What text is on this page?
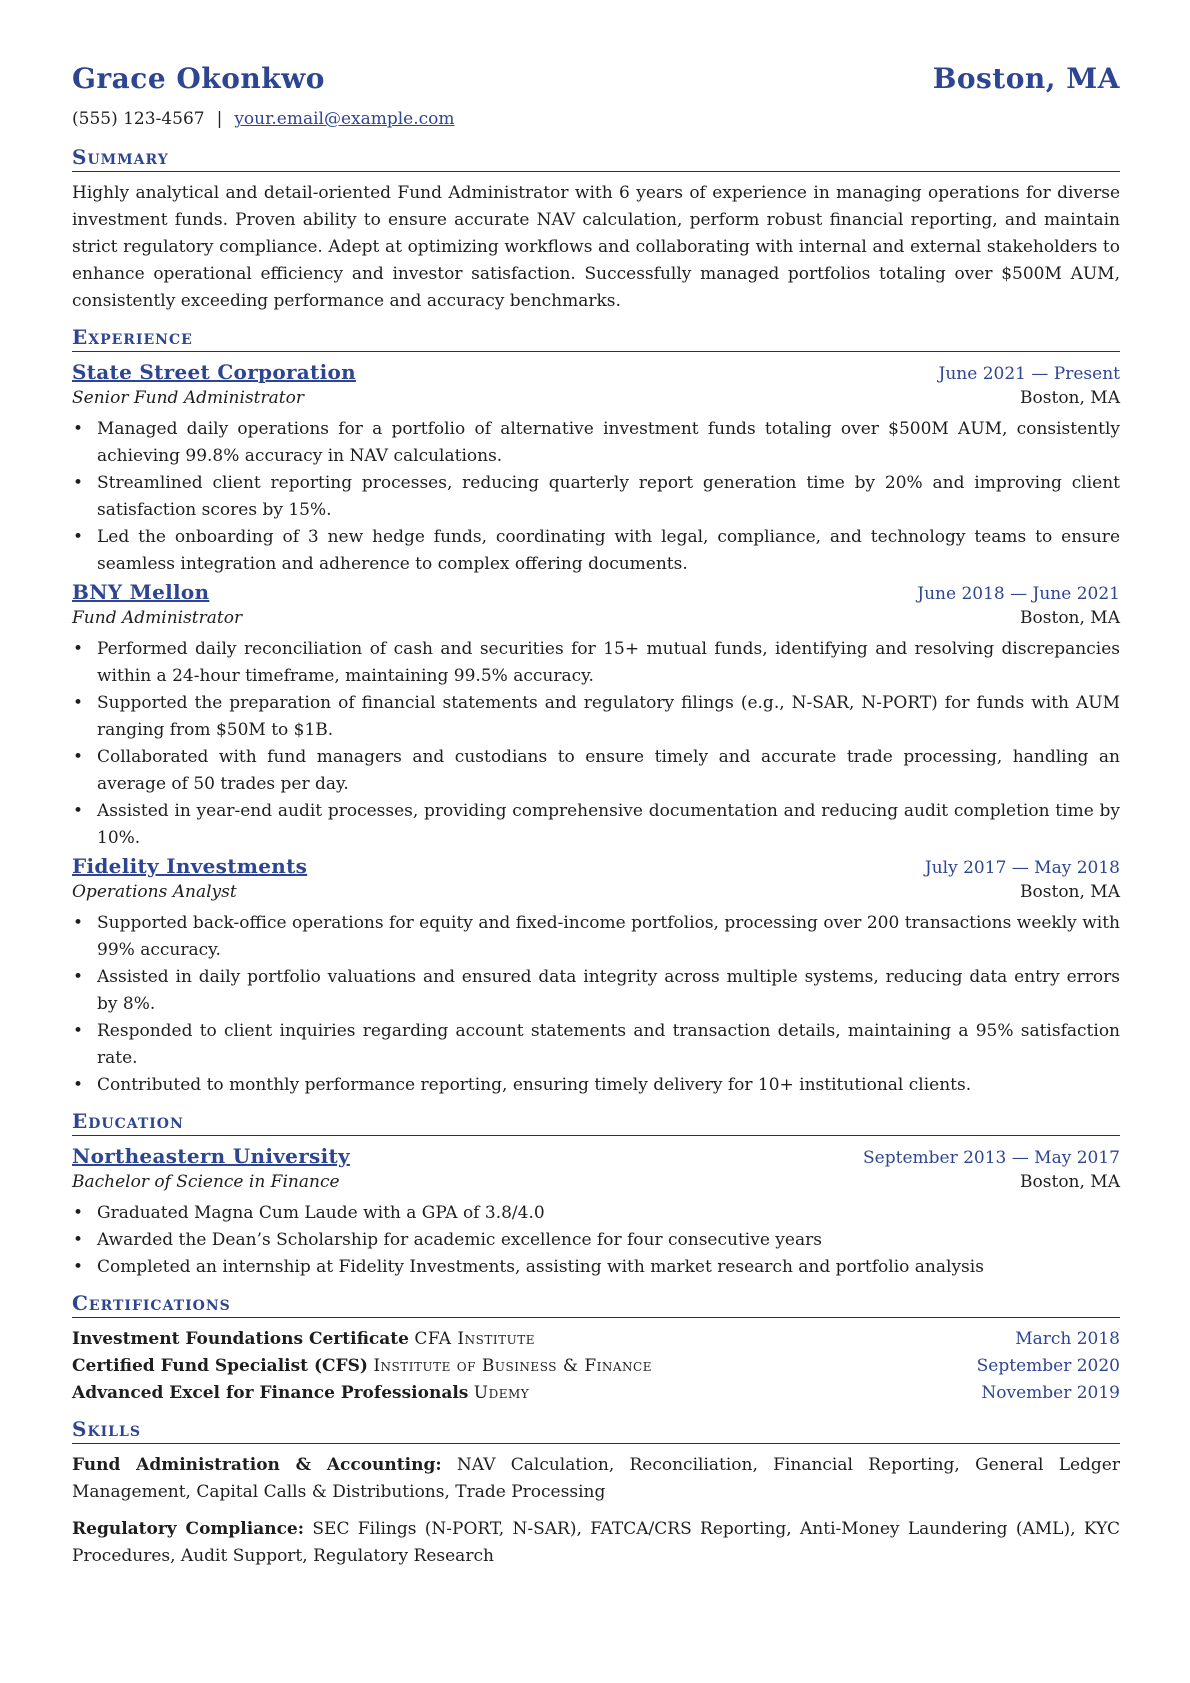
Grace Okonkwo	Boston, MA
(555) 123-4567 | your.email@example.com
Summary

Highly analytical and detail-oriented Fund Administrator with 6 years of experience in managing operations for diverse investment funds. Proven ability to ensure accurate NAV calculation, perform robust financial reporting, and maintain strict regulatory compliance. Adept at optimizing workflows and collaborating with internal and external stakeholders to enhance operational efficiency and investor satisfaction. Successfully managed portfolios totaling over $500M AUM, consistently exceeding performance and accuracy benchmarks.

Experience
State Street Corporation	June 2021 — Present
Senior Fund Administrator	Boston, MA
• Managed daily operations for a portfolio of alternative investment funds totaling over $500M AUM, consistently achieving 99.8% accuracy in NAV calculations.
• Streamlined client reporting processes, reducing quarterly report generation time by 20% and improving client satisfaction scores by 15%.
• Led the onboarding of 3 new hedge funds, coordinating with legal, compliance, and technology teams to ensure seamless integration and adherence to complex offering documents.
BNY Mellon	June 2018 — June 2021
Fund Administrator	Boston, MA
• Performed daily reconciliation of cash and securities for 15+ mutual funds, identifying and resolving discrepancies within a 24-hour timeframe, maintaining 99.5% accuracy.
• Supported the preparation of financial statements and regulatory filings (e.g., N-SAR, N-PORT) for funds with AUM ranging from $50M to $1B.
• Collaborated with fund managers and custodians to ensure timely and accurate trade processing, handling an average of 50 trades per day.
• Assisted in year-end audit processes, providing comprehensive documentation and reducing audit completion time by 10%.
Fidelity Investments	July 2017 — May 2018
Operations Analyst	Boston, MA
• Supported back-office operations for equity and fixed-income portfolios, processing over 200 transactions weekly with 99% accuracy.
• Assisted in daily portfolio valuations and ensured data integrity across multiple systems, reducing data entry errors by 8%.
• Responded to client inquiries regarding account statements and transaction details, maintaining a 95% satisfaction rate.
• Contributed to monthly performance reporting, ensuring timely delivery for 10+ institutional clients.
Education
Northeastern University	September 2013 — May 2017
Bachelor of Science in Finance	Boston, MA
• Graduated Magna Cum Laude with a GPA of 3.8/4.0
• Awarded the Dean’s Scholarship for academic excellence for four consecutive years
• Completed an internship at Fidelity Investments, assisting with market research and portfolio analysis
Certifications
Investment Foundations Certificate CFA Institute	March 2018
Certified Fund Specialist (CFS) Institute of Business & Finance	September 2020
Advanced Excel for Finance Professionals Udemy	November 2019
Skills

Fund Administration & Accounting: NAV Calculation, Reconciliation, Financial Reporting, General Ledger Management, Capital Calls & Distributions, Trade Processing

Regulatory Compliance: SEC Filings (N-PORT, N-SAR), FATCA/CRS Reporting, Anti-Money Laundering (AML), KYC Procedures, Audit Support, Regulatory Research
